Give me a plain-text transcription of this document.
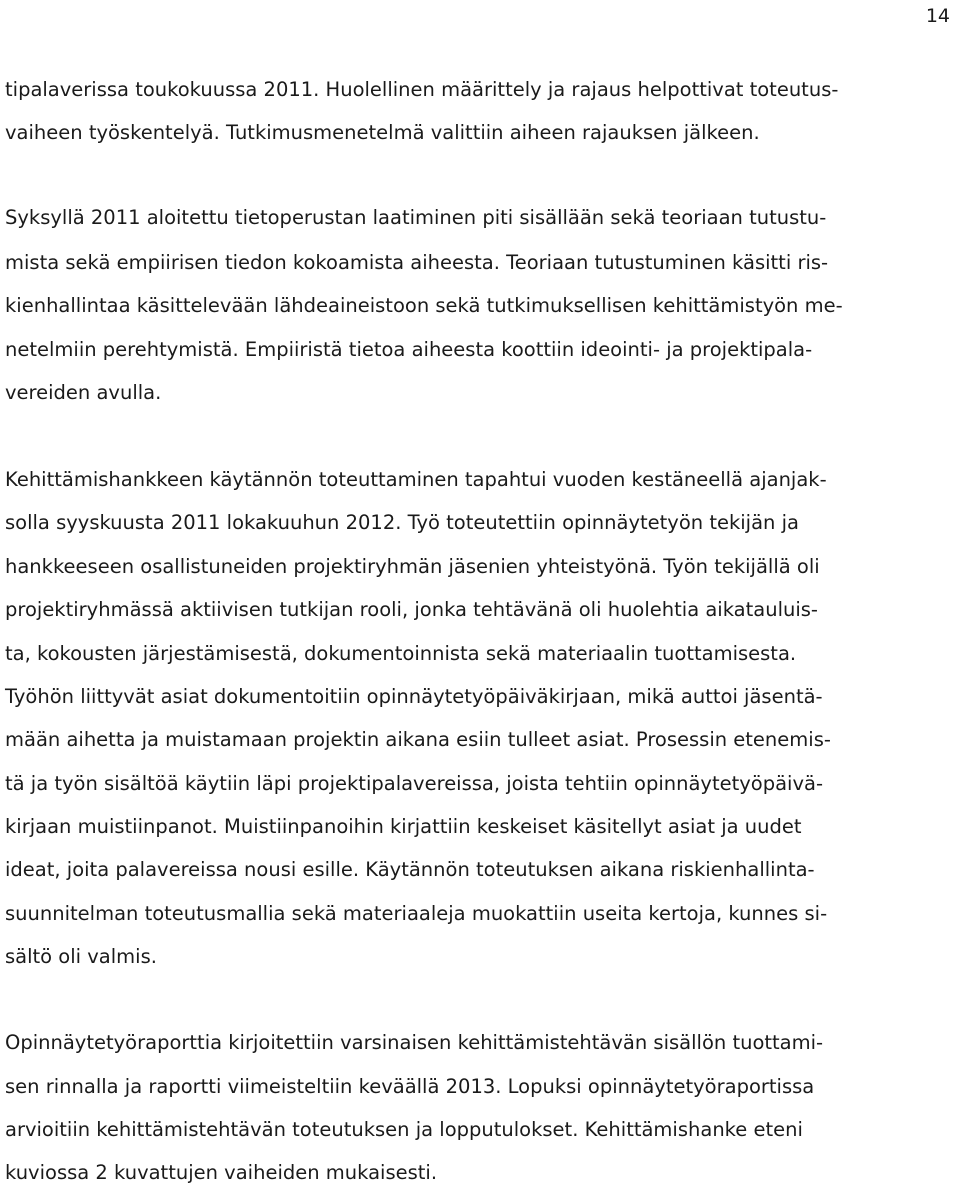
14
tipalaverissa toukokuussa 2011. Huolellinen määrittely ja rajaus helpottivat toteutus-
vaiheen työskentelyä. Tutkimusmenetelmä valittiin aiheen rajauksen jälkeen.
Syksyllä 2011 aloitettu tietoperustan laatiminen piti sisällään sekä teoriaan tutustu-
mista sekä empiirisen tiedon kokoamista aiheesta. Teoriaan tutustuminen käsitti ris-
kienhallintaa käsittelevään lähdeaineistoon sekä tutkimuksellisen kehittämistyön me-
netelmiin perehtymistä. Empiiristä tietoa aiheesta koottiin ideointi- ja projektipala-
vereiden avulla.
Kehittämishankkeen käytännön toteuttaminen tapahtui vuoden kestäneellä ajanjak-
solla syyskuusta 2011 lokakuuhun 2012. Työ toteutettiin opinnäytetyön tekijän ja
hankkeeseen osallistuneiden projektiryhmän jäsenien yhteistyönä. Työn tekijällä oli
projektiryhmässä aktiivisen tutkijan rooli, jonka tehtävänä oli huolehtia aikatauluis-
ta, kokousten järjestämisestä, dokumentoinnista sekä materiaalin tuottamisesta.
Työhön liittyvät asiat dokumentoitiin opinnäytetyöpäiväkirjaan, mikä auttoi jäsentä-
mään aihetta ja muistamaan projektin aikana esiin tulleet asiat. Prosessin etenemis-
tä ja työn sisältöä käytiin läpi projektipalavereissa, joista tehtiin opinnäytetyöpäivä-
kirjaan muistiinpanot. Muistiinpanoihin kirjattiin keskeiset käsitellyt asiat ja uudet
ideat, joita palavereissa nousi esille. Käytännön toteutuksen aikana riskienhallinta-
suunnitelman toteutusmallia sekä materiaaleja muokattiin useita kertoja, kunnes si-
sältö oli valmis.
Opinnäytetyöraporttia kirjoitettiin varsinaisen kehittämistehtävän sisällön tuottami-
sen rinnalla ja raportti viimeisteltiin keväällä 2013. Lopuksi opinnäytetyöraportissa
arvioitiin kehittämistehtävän toteutuksen ja lopputulokset. Kehittämishanke eteni
kuviossa 2 kuvattujen vaiheiden mukaisesti.
